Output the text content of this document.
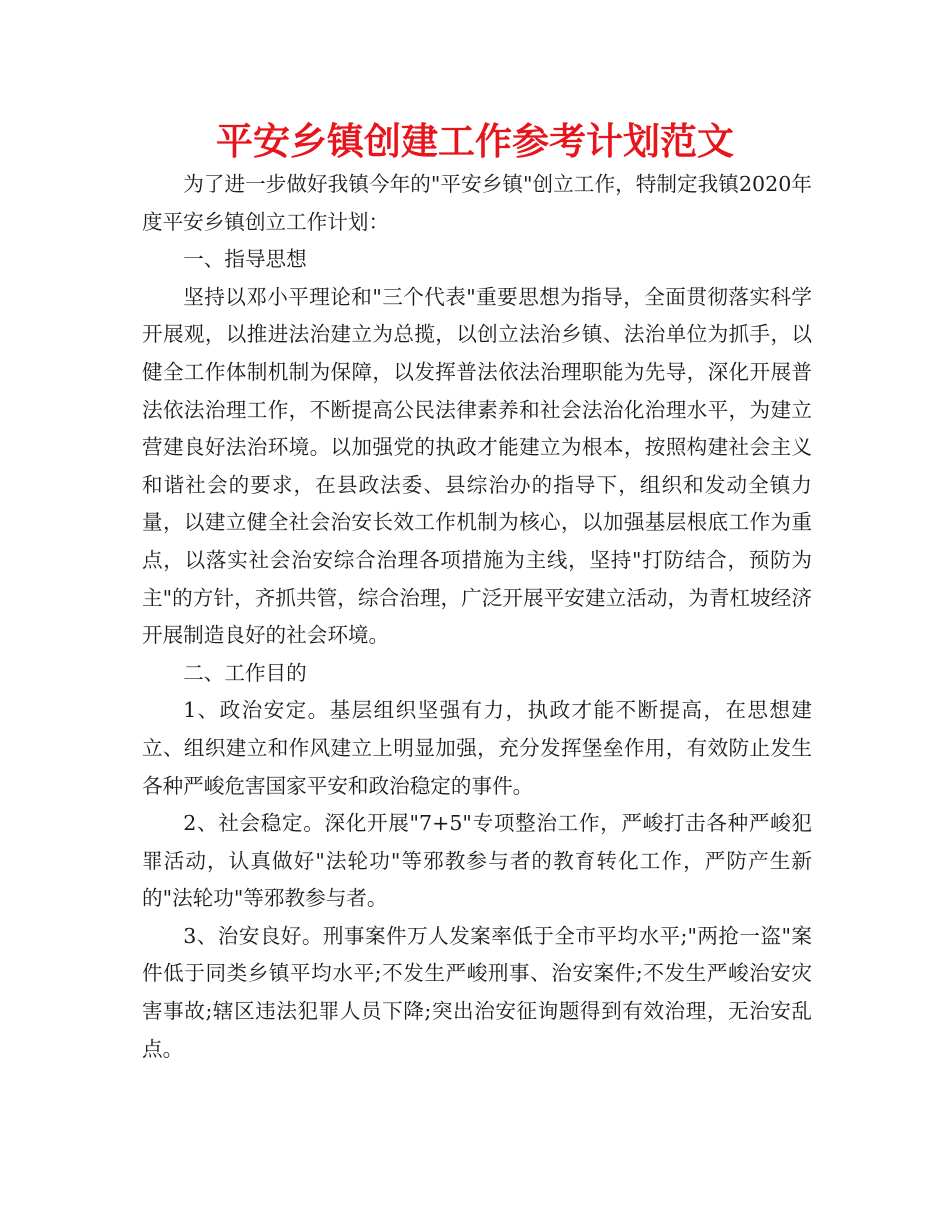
平安乡镇创建工作参考计划范文

为了进一步做好我镇今年的"平安乡镇"创立工作，特制定我镇2020年度平安乡镇创立工作计划：

一、指导思想

坚持以邓小平理论和"三个代表"重要思想为指导，全面贯彻落实科学开展观，以推进法治建立为总揽，以创立法治乡镇、法治单位为抓手，以健全工作体制机制为保障，以发挥普法依法治理职能为先导，深化开展普法依法治理工作，不断提高公民法律素养和社会法治化治理水平，为建立营建良好法治环境。以加强党的执政才能建立为根本，按照构建社会主义和谐社会的要求，在县政法委、县综治办的指导下，组织和发动全镇力量，以建立健全社会治安长效工作机制为核心，以加强基层根底工作为重点，以落实社会治安综合治理各项措施为主线，坚持"打防结合，预防为主"的方针，齐抓共管，综合治理，广泛开展平安建立活动，为青杠坡经济开展制造良好的社会环境。

二、工作目的

1、政治安定。基层组织坚强有力，执政才能不断提高，在思想建立、组织建立和作风建立上明显加强，充分发挥堡垒作用，有效防止发生各种严峻危害国家平安和政治稳定的事件。

2、社会稳定。深化开展"7+5"专项整治工作，严峻打击各种严峻犯罪活动，认真做好"法轮功"等邪教参与者的教育转化工作，严防产生新的"法轮功"等邪教参与者。

3、治安良好。刑事案件万人发案率低于全市平均水平;"两抢一盗"案件低于同类乡镇平均水平;不发生严峻刑事、治安案件;不发生严峻治安灾害事故;辖区违法犯罪人员下降;突出治安征询题得到有效治理，无治安乱点。
